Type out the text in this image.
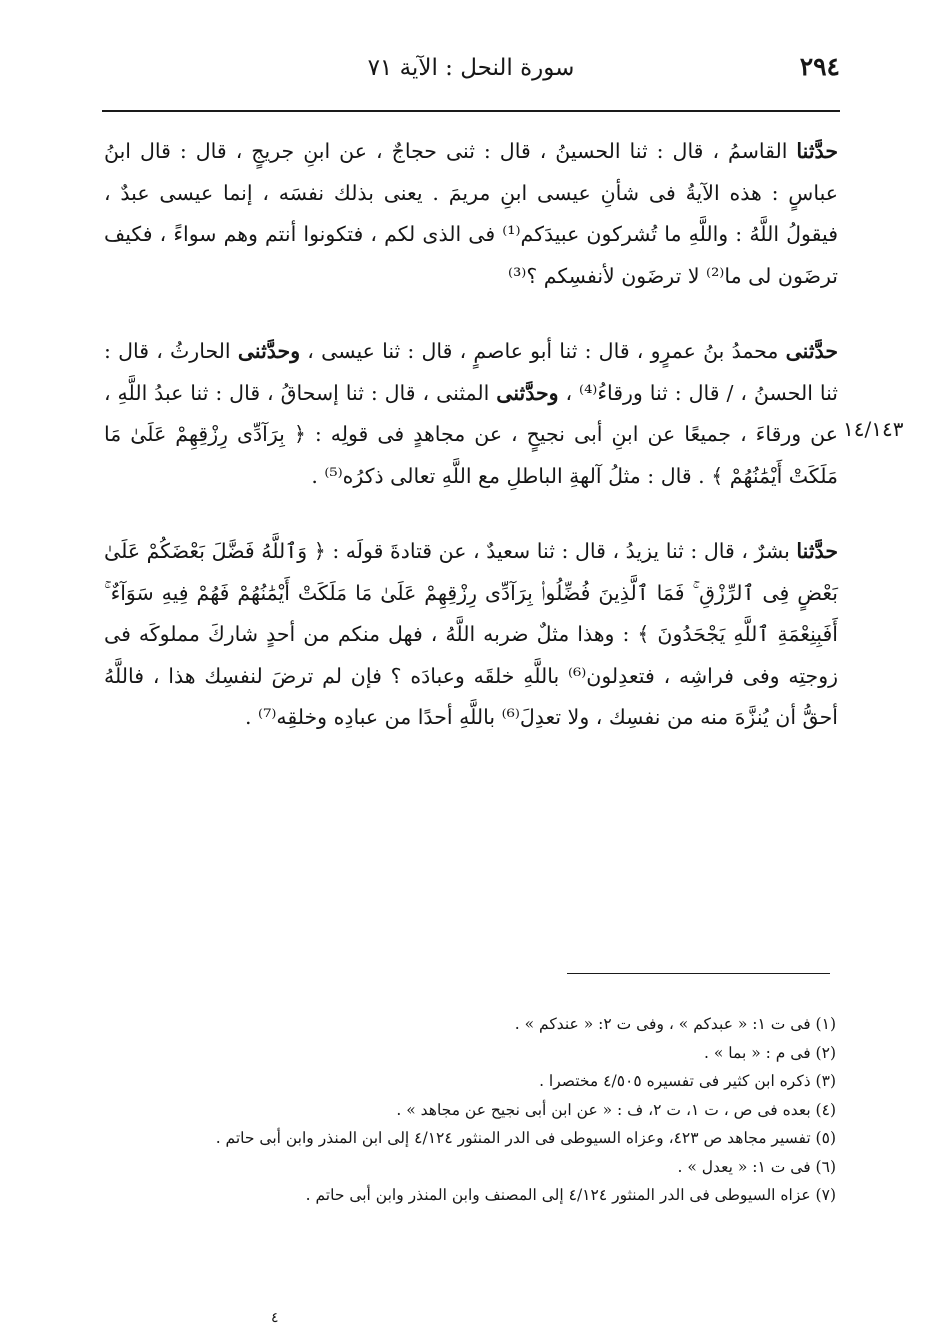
٢٩٤
سورة النحل : الآية ٧١
١٤/١٤٣

حدَّثنا القاسمُ ، قال : ثنا الحسينُ ، قال : ثنى حجاجٌ ، عن ابنِ جريجٍ ، قال : قال ابنُ عباسٍ : هذه الآيةُ فى شأنِ عيسى ابنِ مريمَ . يعنى بذلك نفسَه ، إنما عيسى عبدٌ ، فيقولُ اللَّهُ : واللَّهِ ما تُشركون عبيدَكم⁽¹⁾ فى الذى لكم ، فتكونوا أنتم وهم سواءً ، فكيف ترضَون لى ما⁽²⁾ لا ترضَون لأنفسِكم ؟⁽³⁾

حدَّثنى محمدُ بنُ عمرٍو ، قال : ثنا أبو عاصمٍ ، قال : ثنا عيسى ، وحدَّثنى الحارثُ ، قال : ثنا الحسنُ ، / قال : ثنا ورقاءُ⁽⁴⁾ ، وحدَّثنى المثنى ، قال : ثنا إسحاقُ ، قال : ثنا عبدُ اللَّهِ ، عن ورقاءَ ، جميعًا عن ابنِ أبى نجيحٍ ، عن مجاهدٍ فى قولِه : ﴿ بِرَآدِّى رِزْقِهِمْ عَلَىٰ مَا مَلَكَتْ أَيْمَٰنُهُمْ ﴾ . قال : مثلُ آلهةِ الباطلِ مع اللَّهِ تعالى ذكرُه⁽⁵⁾ .

حدَّثنا بشرٌ ، قال : ثنا يزيدُ ، قال : ثنا سعيدٌ ، عن قتادةَ قولَه : ﴿ وَٱللَّهُ فَضَّلَ بَعْضَكُمْ عَلَىٰ بَعْضٍ فِى ٱلرِّزْقِ ۚ فَمَا ٱلَّذِينَ فُضِّلُوا۟ بِرَآدِّى رِزْقِهِمْ عَلَىٰ مَا مَلَكَتْ أَيْمَٰنُهُمْ فَهُمْ فِيهِ سَوَآءٌ ۚ أَفَبِنِعْمَةِ ٱللَّهِ يَجْحَدُونَ ﴾ : وهذا مثلٌ ضربه اللَّهُ ، فهل منكم من أحدٍ شاركَ مملوكَه فى زوجتِه وفى فراشِه ، فتعدِلون⁽⁶⁾ باللَّهِ خلقَه وعبادَه ؟ فإن لم ترضَ لنفسِك هذا ، فاللَّهُ أحقُّ أن يُنزَّهَ منه من نفسِك ، ولا تعدِلَ⁽⁶⁾ باللَّهِ أحدًا من عبادِه وخلقِه⁽⁷⁾ .

(١) فى ت ١: « عبدكم » ، وفى ت ٢: « عندكم » .

(٢) فى م : « بما » .

(٣) ذكره ابن كثير فى تفسيره ٤/٥٠٥ مختصرا .

(٤) بعده فى ص ، ت ١، ت ٢، ف : « عن ابن أبى نجيح عن مجاهد » .

(٥) تفسير مجاهد ص ٤٢٣، وعزاه السيوطى فى الدر المنثور ٤/١٢٤ إلى ابن المنذر وابن أبى حاتم .

(٦) فى ت ١: « يعدل » .

(٧) عزاه السيوطى فى الدر المنثور ٤/١٢٤ إلى المصنف وابن المنذر وابن أبى حاتم .

٤
